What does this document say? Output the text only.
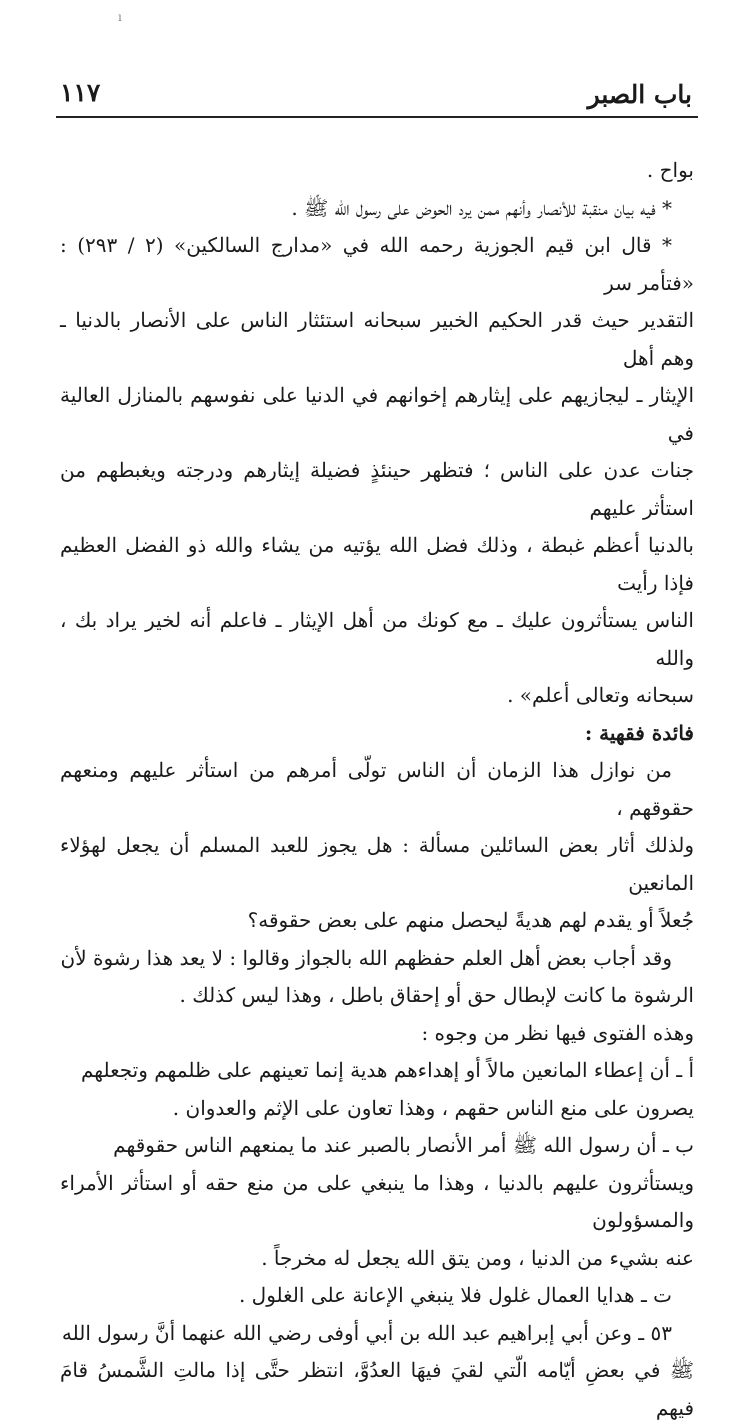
ı
باب الصبر
١١٧

بواح .

* فيه بيان منقبة للأنصار وأنهم ممن يرد الحوض على رسول الله ﷺ .

* قال ابن قيم الجوزية رحمه الله في «مدارج السالكين» (٢ / ٢٩٣) : «فتأمر سر

التقدير حيث قدر الحكيم الخبير سبحانه استئثار الناس على الأنصار بالدنيا ـ وهم أهل

الإيثار ـ ليجازيهم على إيثارهم إخوانهم في الدنيا على نفوسهم بالمنازل العالية في

جنات عدن على الناس ؛ فتظهر حينئذٍ فضيلة إيثارهم ودرجته ويغبطهم من استأثر عليهم

بالدنيا أعظم غبطة ، وذلك فضل الله يؤتيه من يشاء والله ذو الفضل العظيم فإذا رأيت

الناس يستأثرون عليك ـ مع كونك من أهل الإيثار ـ فاعلم أنه لخير يراد بك ، والله

سبحانه وتعالى أعلم» .

فائدة فقهية :

من نوازل هذا الزمان أن الناس تولّى أمرهم من استأثر عليهم ومنعهم حقوقهم ،

ولذلك أثار بعض السائلين مسألة : هل يجوز للعبد المسلم أن يجعل لهؤلاء المانعين

جُعلاً أو يقدم لهم هديةً ليحصل منهم على بعض حقوقه؟

وقد أجاب بعض أهل العلم حفظهم الله بالجواز وقالوا : لا يعد هذا رشوة لأن

الرشوة ما كانت لإبطال حق أو إحقاق باطل ، وهذا ليس كذلك .

وهذه الفتوى فيها نظر من وجوه :

أ ـ أن إعطاء المانعين مالاً أو إهداءهم هدية إنما تعينهم على ظلمهم وتجعلهم

يصرون على منع الناس حقهم ، وهذا تعاون على الإثم والعدوان .

ب ـ أن رسول الله ﷺ أمر الأنصار بالصبر عند ما يمنعهم الناس حقوقهم

ويستأثرون عليهم بالدنيا ، وهذا ما ينبغي على من منع حقه أو استأثر الأمراء والمسؤولون

عنه بشيء من الدنيا ، ومن يتق الله يجعل له مخرجاً .

ت ـ هدايا العمال غلول فلا ينبغي الإعانة على الغلول .

٥٣ ـ وعن أبي إبراهيم عبد الله بن أبي أوفى رضي الله عنهما أنَّ رسول الله

ﷺ في بعضِ أيّامه الّتي لقيَ فيهَا العدُوَّ، انتظر حتَّى إذا مالتِ الشَّمسُ قامَ فيهم
